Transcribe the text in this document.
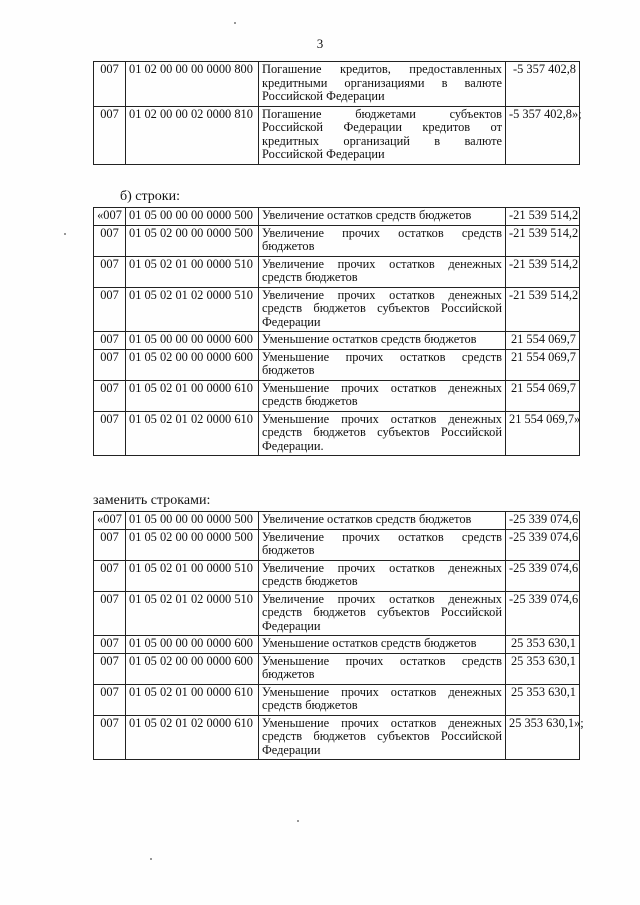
3
007	01 02 00 00 00 0000 800	Погашение кредитов, предоставленных кредитными организациями в валюте Российской Федерации	-5 357 402,8
007	01 02 00 00 02 0000 810	Погашение бюджетами субъектов Российской Федерации кредитов от кредитных организаций в валюте Российской Федерации	-5 357 402,8»;
б) строки:
«007	01 05 00 00 00 0000 500	Увеличение остатков средств бюджетов	-21 539 514,2
007	01 05 02 00 00 0000 500	Увеличение прочих остатков средств бюджетов	-21 539 514,2
007	01 05 02 01 00 0000 510	Увеличение прочих остатков денежных средств бюджетов	-21 539 514,2
007	01 05 02 01 02 0000 510	Увеличение прочих остатков денежных средств бюджетов субъектов Российской Федерации	-21 539 514,2
007	01 05 00 00 00 0000 600	Уменьшение остатков средств бюджетов	21 554 069,7
007	01 05 02 00 00 0000 600	Уменьшение прочих остатков средств бюджетов	21 554 069,7
007	01 05 02 01 00 0000 610	Уменьшение прочих остатков денежных средств бюджетов	21 554 069,7
007	01 05 02 01 02 0000 610	Уменьшение прочих остатков денежных средств бюджетов субъектов Российской Федерации.	21 554 069,7»
заменить строками:
«007	01 05 00 00 00 0000 500	Увеличение остатков средств бюджетов	-25 339 074,6
007	01 05 02 00 00 0000 500	Увеличение прочих остатков средств бюджетов	-25 339 074,6
007	01 05 02 01 00 0000 510	Увеличение прочих остатков денежных средств бюджетов	-25 339 074,6
007	01 05 02 01 02 0000 510	Увеличение прочих остатков денежных средств бюджетов субъектов Российской Федерации	-25 339 074,6
007	01 05 00 00 00 0000 600	Уменьшение остатков средств бюджетов	25 353 630,1
007	01 05 02 00 00 0000 600	Уменьшение прочих остатков средств бюджетов	25 353 630,1
007	01 05 02 01 00 0000 610	Уменьшение прочих остатков денежных средств бюджетов	25 353 630,1
007	01 05 02 01 02 0000 610	Уменьшение прочих остатков денежных средств бюджетов субъектов Российской Федерации	25 353 630,1»;
